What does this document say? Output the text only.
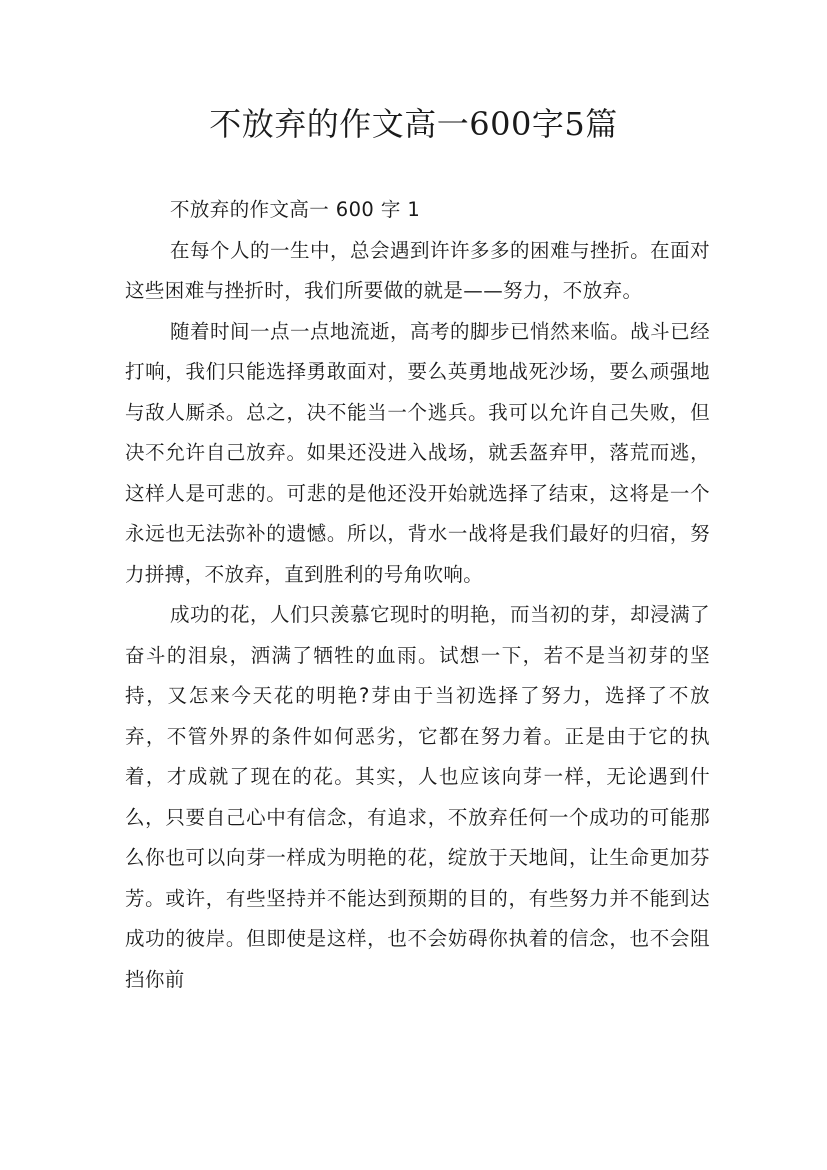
不放弃的作文高一600字5篇

不放弃的作文高一 600 字 1

在每个人的一生中，总会遇到许许多多的困难与挫折。在面对这些困难与挫折时，我们所要做的就是——努力，不放弃。

随着时间一点一点地流逝，高考的脚步已悄然来临。战斗已经打响，我们只能选择勇敢面对，要么英勇地战死沙场，要么顽强地与敌人厮杀。总之，决不能当一个逃兵。我可以允许自己失败，但决不允许自己放弃。如果还没进入战场，就丢盔弃甲，落荒而逃，这样人是可悲的。可悲的是他还没开始就选择了结束，这将是一个永远也无法弥补的遗憾。所以，背水一战将是我们最好的归宿，努力拼搏，不放弃，直到胜利的号角吹响。

成功的花，人们只羡慕它现时的明艳，而当初的芽，却浸满了奋斗的泪泉，洒满了牺牲的血雨。试想一下，若不是当初芽的坚持，又怎来今天花的明艳?芽由于当初选择了努力，选择了不放弃，不管外界的条件如何恶劣，它都在努力着。正是由于它的执着，才成就了现在的花。其实，人也应该向芽一样，无论遇到什么，只要自己心中有信念，有追求，不放弃任何一个成功的可能那么你也可以向芽一样成为明艳的花，绽放于天地间，让生命更加芬芳。或许，有些坚持并不能达到预期的目的，有些努力并不能到达成功的彼岸。但即使是这样，也不会妨碍你执着的信念，也不会阻挡你前
